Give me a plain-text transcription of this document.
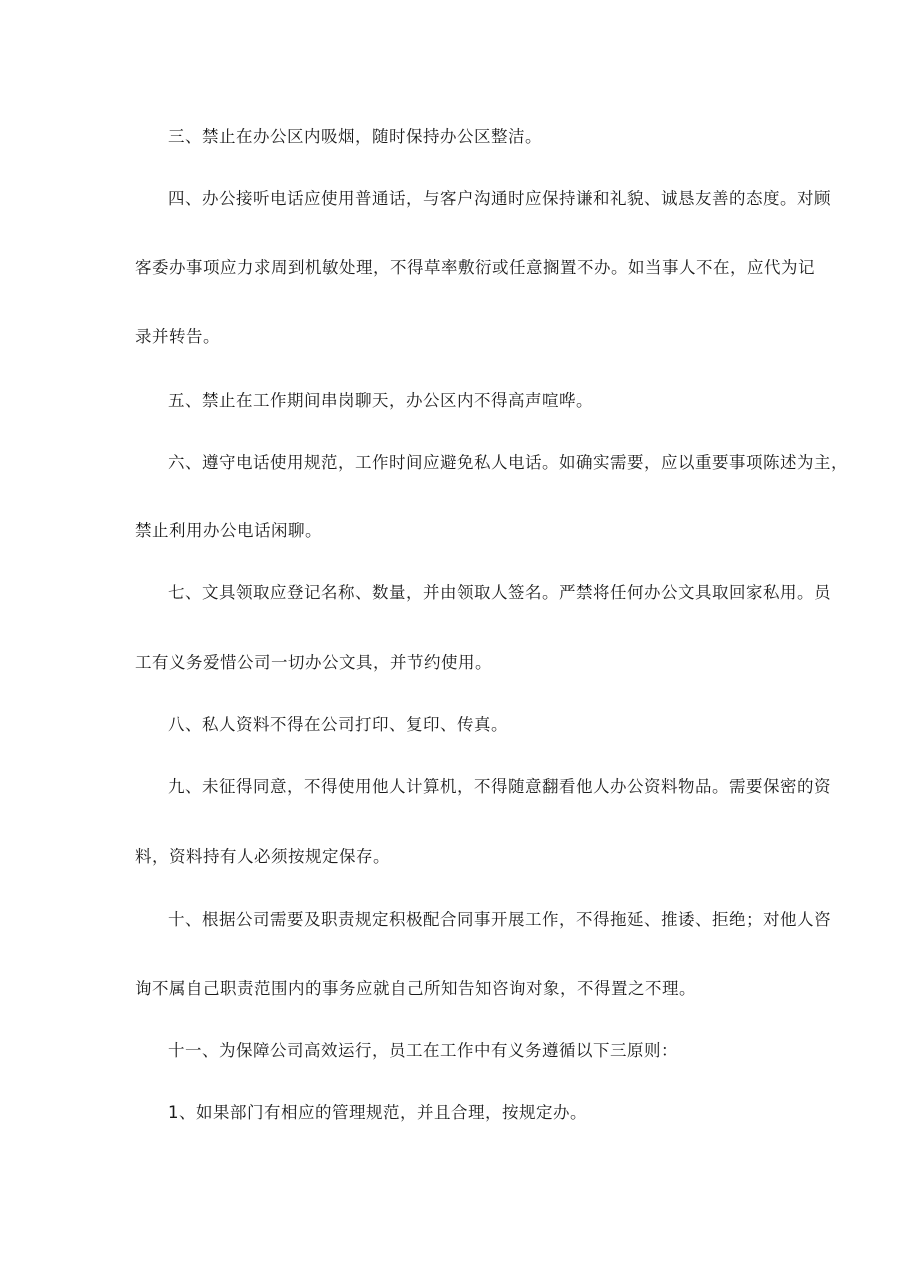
三、禁止在办公区内吸烟，随时保持办公区整洁。
四、办公接听电话应使用普通话，与客户沟通时应保持谦和礼貌、诚恳友善的态度。对顾
客委办事项应力求周到机敏处理，不得草率敷衍或任意搁置不办。如当事人不在，应代为记
录并转告。
五、禁止在工作期间串岗聊天，办公区内不得高声喧哗。
六、遵守电话使用规范，工作时间应避免私人电话。如确实需要，应以重要事项陈述为主，
禁止利用办公电话闲聊。
七、文具领取应登记名称、数量，并由领取人签名。严禁将任何办公文具取回家私用。员
工有义务爱惜公司一切办公文具，并节约使用。
八、私人资料不得在公司打印、复印、传真。
九、未征得同意，不得使用他人计算机，不得随意翻看他人办公资料物品。需要保密的资
料，资料持有人必须按规定保存。
十、根据公司需要及职责规定积极配合同事开展工作，不得拖延、推诿、拒绝；对他人咨
询不属自己职责范围内的事务应就自己所知告知咨询对象，不得置之不理。
十一、为保障公司高效运行，员工在工作中有义务遵循以下三原则：
1、如果部门有相应的管理规范，并且合理，按规定办。
